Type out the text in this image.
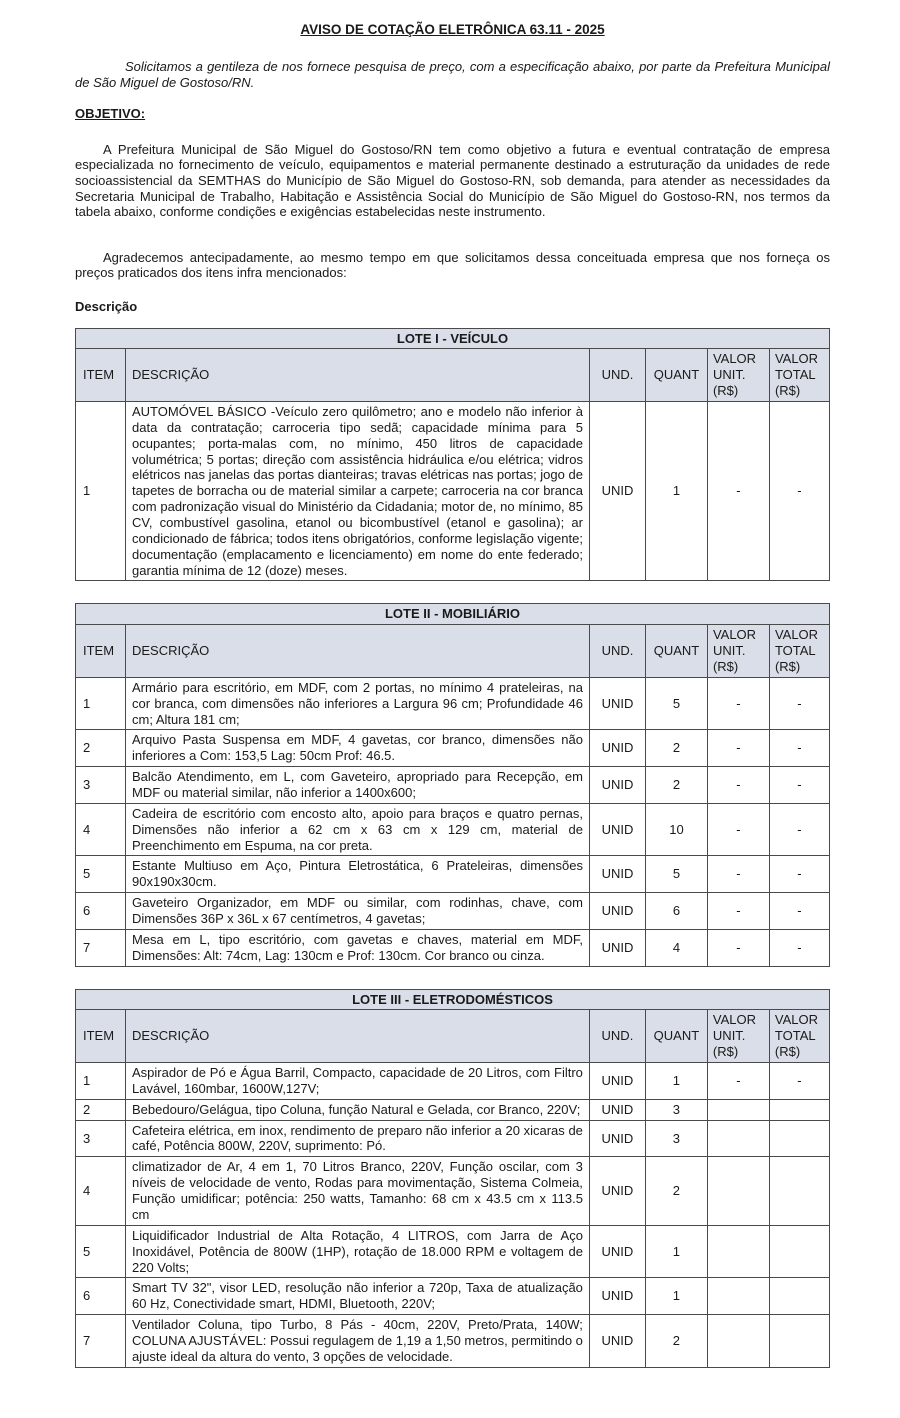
AVISO DE COTAÇÃO ELETRÔNICA 63.11 - 2025

Solicitamos a gentileza de nos fornece pesquisa de preço, com a especificação abaixo, por parte da Prefeitura Municipal de São Miguel de Gostoso/RN.

OBJETIVO:

A Prefeitura Municipal de São Miguel do Gostoso/RN tem como objetivo a futura e eventual contratação de empresa especializada no fornecimento de veículo, equipamentos e material permanente destinado a estruturação da unidades de rede socioassistencial da SEMTHAS do Município de São Miguel do Gostoso-RN, sob demanda, para atender as necessidades da Secretaria Municipal de Trabalho, Habitação e Assistência Social do Município de São Miguel do Gostoso-RN, nos termos da tabela abaixo, conforme condições e exigências estabelecidas neste instrumento.

Agradecemos antecipadamente, ao mesmo tempo em que solicitamos dessa conceituada empresa que nos forneça os preços praticados dos itens infra mencionados:

Descrição

LOTE I - VEÍCULO					
ITEM	DESCRIÇÃO	UND.	QUANT	VALOR UNIT. (R$)	VALOR TOTAL (R$)
1	AUTOMÓVEL BÁSICO -Veículo zero quilômetro; ano e modelo não inferior à data da contratação; carroceria tipo sedã; capacidade mínima para 5 ocupantes; porta-malas com, no mínimo, 450 litros de capacidade volumétrica; 5 portas; direção com assistência hidráulica e/ou elétrica; vidros elétricos nas janelas das portas dianteiras; travas elétricas nas portas; jogo de tapetes de borracha ou de material similar a carpete; carroceria na cor branca com padronização visual do Ministério da Cidadania; motor de, no mínimo, 85 CV, combustível gasolina, etanol ou bicombustível (etanol e gasolina); ar condicionado de fábrica; todos itens obrigatórios, conforme legislação vigente; documentação (emplacamento e licenciamento) em nome do ente federado; garantia mínima de 12 (doze) meses.	UNID	1	-	-
LOTE II - MOBILIÁRIO					
ITEM	DESCRIÇÃO	UND.	QUANT	VALOR UNIT. (R$)	VALOR TOTAL (R$)
1	Armário para escritório, em MDF, com 2 portas, no mínimo 4 prateleiras, na cor branca, com dimensões não inferiores a Largura 96 cm; Profundidade 46 cm; Altura 181 cm;	UNID	5	-	-
2	Arquivo Pasta Suspensa em MDF, 4 gavetas, cor branco, dimensões não inferiores a Com: 153,5 Lag: 50cm Prof: 46.5.	UNID	2	-	-
3	Balcão Atendimento, em L, com Gaveteiro, apropriado para Recepção, em MDF ou material similar, não inferior a 1400x600;	UNID	2	-	-
4	Cadeira de escritório com encosto alto, apoio para braços e quatro pernas, Dimensões não inferior a 62 cm x 63 cm x 129 cm, material de Preenchimento em Espuma, na cor preta.	UNID	10	-	-
5	Estante Multiuso em Aço, Pintura Eletrostática, 6 Prateleiras, dimensões 90x190x30cm.	UNID	5	-	-
6	Gaveteiro Organizador, em MDF ou similar, com rodinhas, chave, com Dimensões 36P x 36L x 67 centímetros, 4 gavetas;	UNID	6	-	-
7	Mesa em L, tipo escritório, com gavetas e chaves, material em MDF, Dimensões: Alt: 74cm, Lag: 130cm e Prof: 130cm. Cor branco ou cinza.	UNID	4	-	-
LOTE III - ELETRODOMÉSTICOS					
ITEM	DESCRIÇÃO	UND.	QUANT	VALOR UNIT. (R$)	VALOR TOTAL (R$)
1	Aspirador de Pó e Água Barril, Compacto, capacidade de 20 Litros, com Filtro Lavável, 160mbar, 1600W,127V;	UNID	1	-	-
2	Bebedouro/Gelágua, tipo Coluna, função Natural e Gelada, cor Branco, 220V;	UNID	3		
3	Cafeteira elétrica, em inox, rendimento de preparo não inferior a 20 xicaras de café, Potência 800W, 220V, suprimento: Pó.	UNID	3		
4	climatizador de Ar, 4 em 1, 70 Litros Branco, 220V, Função oscilar, com 3 níveis de velocidade de vento, Rodas para movimentação, Sistema Colmeia, Função umidificar; potência: 250 watts, Tamanho: 68 cm x 43.5 cm x 113.5 cm	UNID	2		
5	Liquidificador Industrial de Alta Rotação, 4 LITROS, com Jarra de Aço Inoxidável, Potência de 800W (1HP), rotação de 18.000 RPM e voltagem de 220 Volts;	UNID	1		
6	Smart TV 32", visor LED, resolução não inferior a 720p, Taxa de atualização 60 Hz, Conectividade smart, HDMI, Bluetooth, 220V;	UNID	1		
7	Ventilador Coluna, tipo Turbo, 8 Pás - 40cm, 220V, Preto/Prata, 140W; COLUNA AJUSTÁVEL: Possui regulagem de 1,19 a 1,50 metros, permitindo o ajuste ideal da altura do vento, 3 opções de velocidade.	UNID	2		
